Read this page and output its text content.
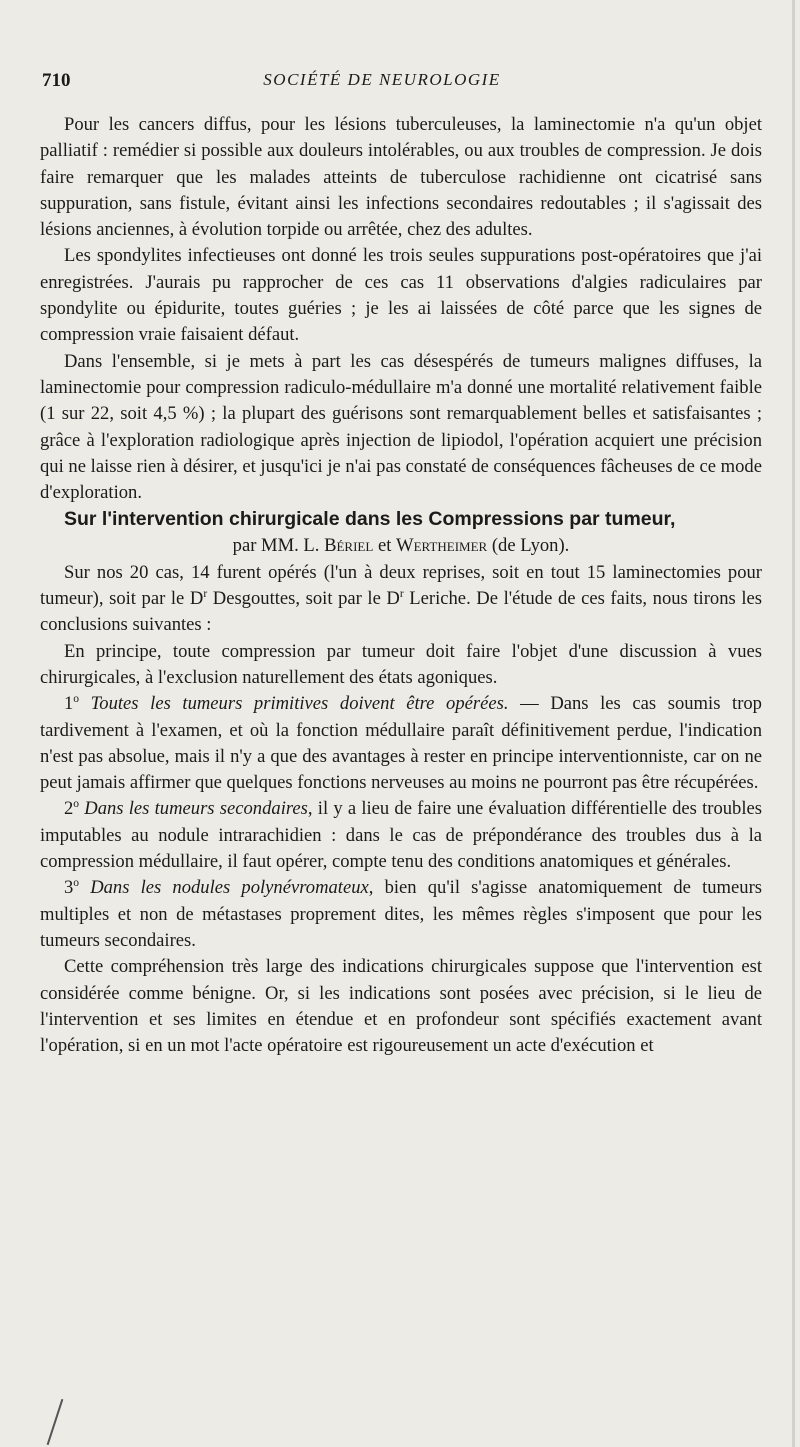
710	SOCIÉTÉ DE NEUROLOGIE

Pour les cancers diffus, pour les lésions tuberculeuses, la laminectomie n'a qu'un objet palliatif : remédier si possible aux douleurs intolérables, ou aux troubles de compression. Je dois faire remarquer que les malades atteints de tuberculose rachidienne ont cicatrisé sans suppuration, sans fistule, évitant ainsi les infections secondaires redoutables ; il s'agissait des lésions anciennes, à évolution torpide ou arrêtée, chez des adultes.

Les spondylites infectieuses ont donné les trois seules suppurations post-opératoires que j'ai enregistrées. J'aurais pu rapprocher de ces cas 11 observations d'algies radiculaires par spondylite ou épidurite, toutes guéries ; je les ai laissées de côté parce que les signes de compression vraie faisaient défaut.

Dans l'ensemble, si je mets à part les cas désespérés de tumeurs malignes diffuses, la laminectomie pour compression radiculo-médullaire m'a donné une mortalité relativement faible (1 sur 22, soit 4,5 %) ; la plupart des guérisons sont remarquablement belles et satisfaisantes ; grâce à l'exploration radiologique après injection de lipiodol, l'opération acquiert une précision qui ne laisse rien à désirer, et jusqu'ici je n'ai pas constaté de conséquences fâcheuses de ce mode d'exploration.

Sur l'intervention chirurgicale dans les Compressions par tumeur,

par MM. L. Bériel et Wertheimer (de Lyon).

Sur nos 20 cas, 14 furent opérés (l'un à deux reprises, soit en tout 15 laminectomies pour tumeur), soit par le $D^r$ Desgouttes, soit par le $D^r$ Leriche. De l'étude de ces faits, nous tirons les conclusions suivantes :

En principe, toute compression par tumeur doit faire l'objet d'une discussion à vues chirurgicales, à l'exclusion naturellement des états agoniques.

1$^o$ Toutes les tumeurs primitives doivent être opérées. — Dans les cas soumis trop tardivement à l'examen, et où la fonction médullaire paraît définitivement perdue, l'indication n'est pas absolue, mais il n'y a que des avantages à rester en principe interventionniste, car on ne peut jamais affirmer que quelques fonctions nerveuses au moins ne pourront pas être récupérées.

2$^o$ Dans les tumeurs secondaires, il y a lieu de faire une évaluation différentielle des troubles imputables au nodule intrarachidien : dans le cas de prépondérance des troubles dus à la compression médullaire, il faut opérer, compte tenu des conditions anatomiques et générales.

3$^o$ Dans les nodules polynévromateux, bien qu'il s'agisse anatomiquement de tumeurs multiples et non de métastases proprement dites, les mêmes règles s'imposent que pour les tumeurs secondaires.

Cette compréhension très large des indications chirurgicales suppose que l'intervention est considérée comme bénigne. Or, si les indications sont posées avec précision, si le lieu de l'intervention et ses limites en étendue et en profondeur sont spécifiés exactement avant l'opération, si en un mot l'acte opératoire est rigoureusement un acte d'exécution et
